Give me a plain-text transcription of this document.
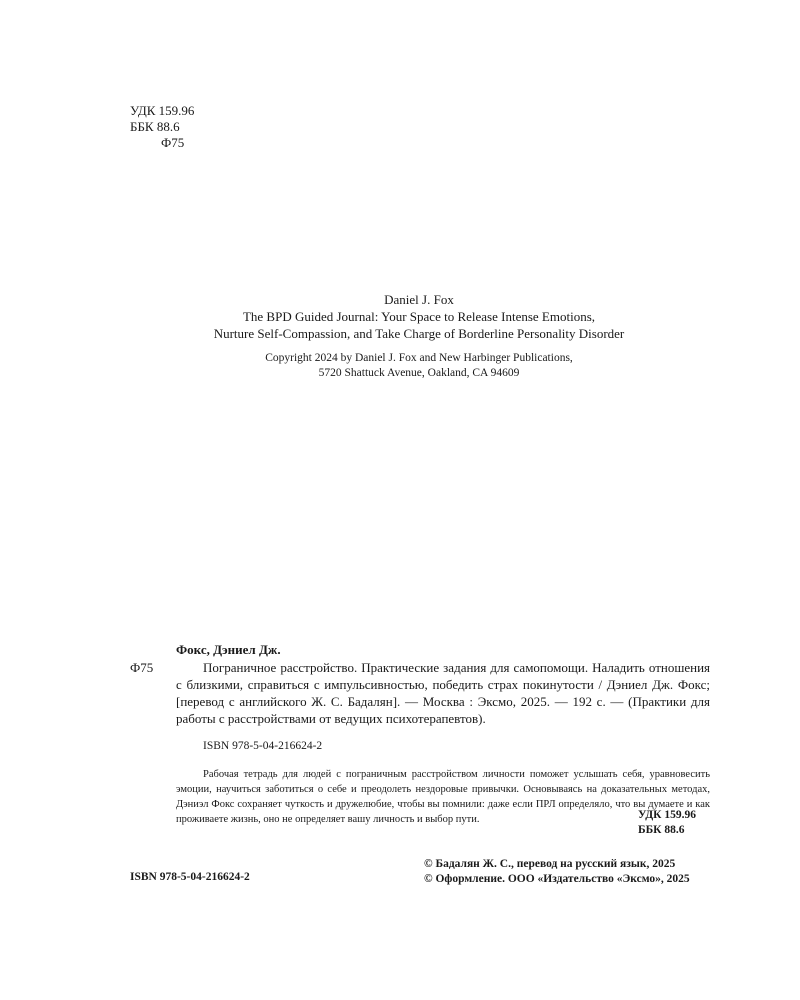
УДК 159.96
ББК 88.6
Ф75
Daniel J. Fox
The BPD Guided Journal: Your Space to Release Intense Emotions,
Nurture Self-Compassion, and Take Charge of Borderline Personality Disorder
Copyright 2024 by Daniel J. Fox and New Harbinger Publications,
5720 Shattuck Avenue, Oakland, CA 94609
Фокс, Дэниел Дж.
Ф75	Пограничное расстройство. Практические задания для самопомощи. Наладить отношения с близкими, справиться с импульсивностью, победить страх покинутости / Дэниел Дж. Фокс; [перевод с английского Ж. С. Бадалян]. — Москва : Эксмо, 2025. — 192 с. — (Практики для работы с расстройствами от ведущих психотерапевтов).
ISBN 978-5-04-216624-2
Рабочая тетрадь для людей с пограничным расстройством личности поможет услышать себя, уравновесить эмоции, научиться заботиться о себе и преодолеть нездоровые привычки. Основываясь на доказательных методах, Дэниэл Фокс сохраняет чуткость и дружелюбие, чтобы вы помнили: даже если ПРЛ определяло, что вы думаете и как проживаете жизнь, оно не определяет вашу личность и выбор пути.	УДК 159.96
ББК 88.6
ISBN 978-5-04-216624-2
© Бадалян Ж. С., перевод на русский язык, 2025
© Оформление. ООО «Издательство «Эксмо», 2025
